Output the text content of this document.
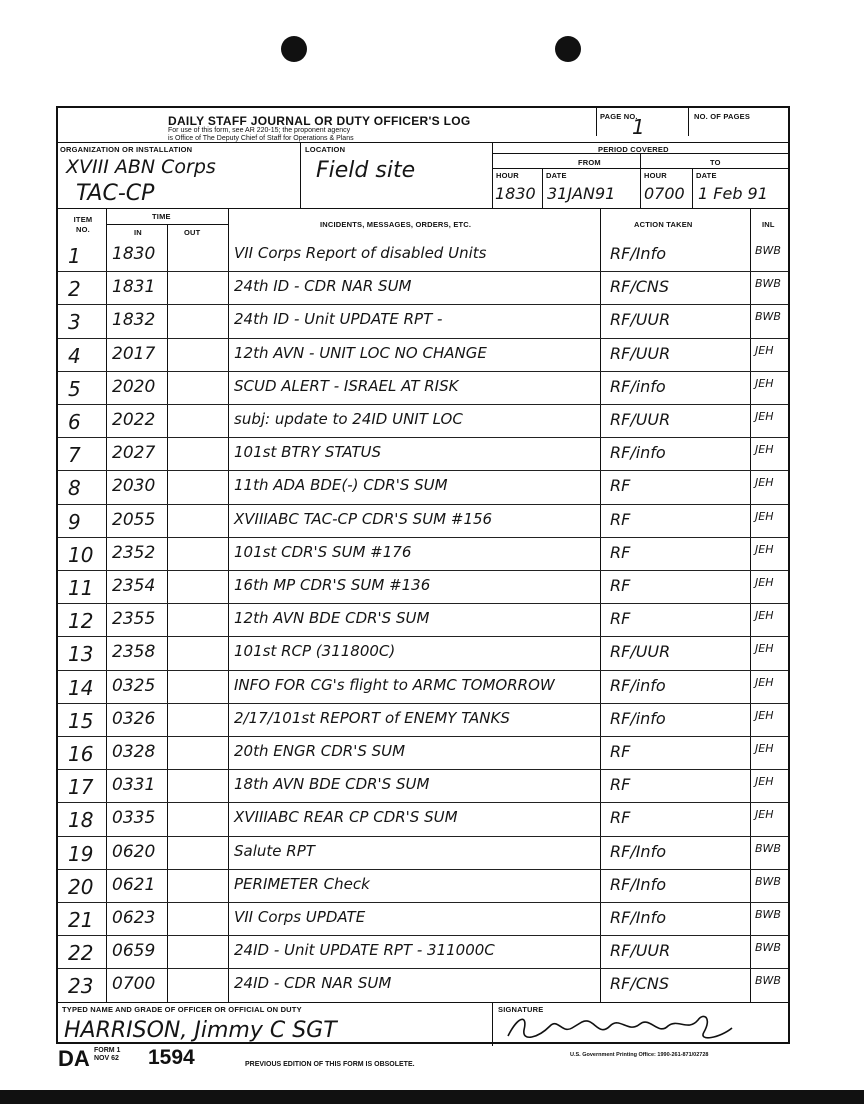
DAILY STAFF JOURNAL OR DUTY OFFICER'S LOG
For use of this form, see AR 220-15; the proponent agency
is Office of The Deputy Chief of Staff for Operations & Plans
PAGE NO.
1	NO. OF PAGES
ORGANIZATION OR INSTALLATION
XVIII ABN Corps
TAC-CP
LOCATION
Field site
PERIOD COVERED
FROM	TO
HOUR	DATE	HOUR	DATE
1830 31JAN91 0700 1 Feb 91
ITEM NO.
TIME
IN	OUT
INCIDENTS, MESSAGES, ORDERS, ETC.	ACTION TAKEN	INL
1 1830	VII Corps Report of disabled Units	RF/Info	BWB
2 1831	24th ID - CDR NAR SUM	RF/CNS	BWB
3 1832	24th ID - Unit UPDATE RPT -	RF/UUR	BWB
4 2017	12th AVN - UNIT LOC NO CHANGE	RF/UUR	JEH
5 2020	SCUD ALERT - ISRAEL AT RISK	RF/info	JEH
6 2022	subj: update to 24ID UNIT LOC	RF/UUR	JEH
7 2027	101st BTRY STATUS	RF/info	JEH
8 2030	11th ADA BDE(-) CDR'S SUM	RF	JEH
9 2055	XVIIIABC TAC-CP CDR'S SUM #156	RF	JEH
10 2352	101st CDR'S SUM #176	RF	JEH
11 2354	16th MP CDR'S SUM #136	RF	JEH
12 2355	12th AVN BDE CDR'S SUM	RF	JEH
13 2358	101st RCP (311800C)	RF/UUR	JEH
14 0325	INFO FOR CG's flight to ARMC TOMORROW	RF/info	JEH
15 0326	2/17/101st REPORT of ENEMY TANKS	RF/info	JEH
16 0328	20th ENGR CDR'S SUM	RF	JEH
17 0331	18th AVN BDE CDR'S SUM	RF	JEH
18 0335	XVIIIABC REAR CP CDR'S SUM	RF	JEH
19 0620	Salute RPT	RF/Info	BWB
20 0621	PERIMETER Check	RF/Info	BWB
21 0623	VII Corps UPDATE	RF/Info	BWB
22 0659	24ID - Unit UPDATE RPT - 311000C	RF/UUR	BWB
23 0700	24ID - CDR NAR SUM	RF/CNS	BWB
TYPED NAME AND GRADE OF OFFICER OR OFFICIAL ON DUTY	SIGNATURE
HARRISON, Jimmy C SGT
DA FORM 1 NOV 62	1594	PREVIOUS EDITION OF THIS FORM IS OBSOLETE.
U.S. Government Printing Office: 1990-261-871/02728
